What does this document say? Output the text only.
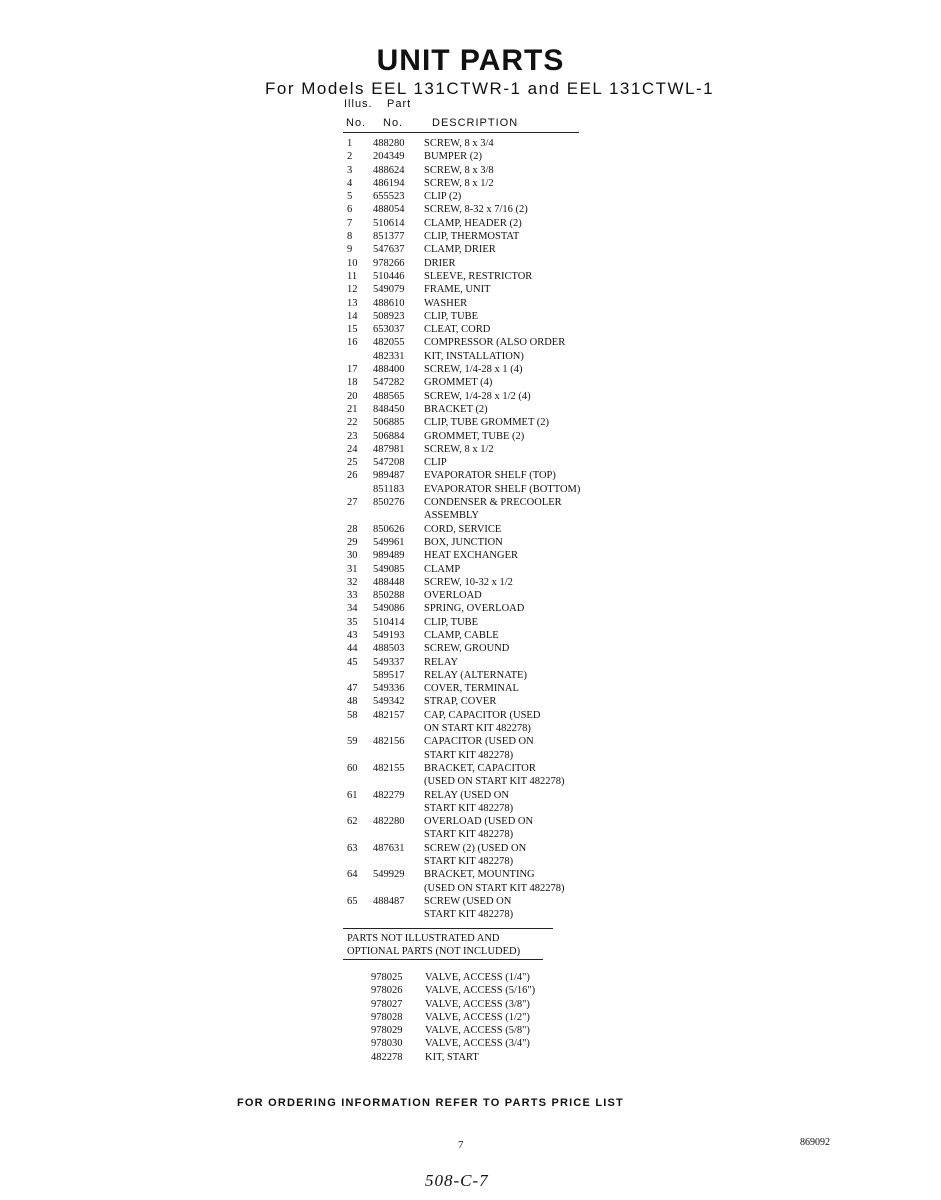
UNIT PARTS
For Models EEL 131CTWR-1 and EEL 131CTWL-1
Illus. Part
No. No.	DESCRIPTION
1	488280	SCREW, 8 x 3/4
2	204349	BUMPER (2)
3	488624	SCREW, 8 x 3/8
4	486194	SCREW, 8 x 1/2
5	655523	CLIP (2)
6	488054	SCREW, 8-32 x 7/16 (2)
7	510614	CLAMP, HEADER (2)
8	851377	CLIP, THERMOSTAT
9	547637	CLAMP, DRIER
10	978266	DRIER
11	510446	SLEEVE, RESTRICTOR
12	549079	FRAME, UNIT
13	488610	WASHER
14	508923	CLIP, TUBE
15	653037	CLEAT, CORD
16	482055	COMPRESSOR (ALSO ORDER
482331	KIT, INSTALLATION)
17	488400	SCREW, 1/4-28 x 1 (4)
18	547282	GROMMET (4)
20	488565	SCREW, 1/4-28 x 1/2 (4)
21	848450	BRACKET (2)
22	506885	CLIP, TUBE GROMMET (2)
23	506884	GROMMET, TUBE (2)
24	487981	SCREW, 8 x 1/2
25	547208	CLIP
26	989487	EVAPORATOR SHELF (TOP)
851183	EVAPORATOR SHELF (BOTTOM)
27	850276	CONDENSER & PRECOOLER
ASSEMBLY
28	850626	CORD, SERVICE
29	549961	BOX, JUNCTION
30	989489	HEAT EXCHANGER
31	549085	CLAMP
32	488448	SCREW, 10-32 x 1/2
33	850288	OVERLOAD
34	549086	SPRING, OVERLOAD
35	510414	CLIP, TUBE
43	549193	CLAMP, CABLE
44	488503	SCREW, GROUND
45	549337	RELAY
589517	RELAY (ALTERNATE)
47	549336	COVER, TERMINAL
48	549342	STRAP, COVER
58	482157	CAP, CAPACITOR (USED
ON START KIT 482278)
59	482156	CAPACITOR (USED ON
START KIT 482278)
60	482155	BRACKET, CAPACITOR
(USED ON START KIT 482278)
61	482279	RELAY (USED ON
START KIT 482278)
62	482280	OVERLOAD (USED ON
START KIT 482278)
63	487631	SCREW (2) (USED ON
START KIT 482278)
64	549929	BRACKET, MOUNTING
(USED ON START KIT 482278)
65	488487	SCREW (USED ON
START KIT 482278)
PARTS NOT ILLUSTRATED AND
OPTIONAL PARTS (NOT INCLUDED)
978025	VALVE, ACCESS (1/4")
978026	VALVE, ACCESS (5/16")
978027	VALVE, ACCESS (3/8")
978028	VALVE, ACCESS (1/2")
978029	VALVE, ACCESS (5/8")
978030	VALVE, ACCESS (3/4")
482278	KIT, START
FOR ORDERING INFORMATION REFER TO PARTS PRICE LIST
7	869092
508-C-7
